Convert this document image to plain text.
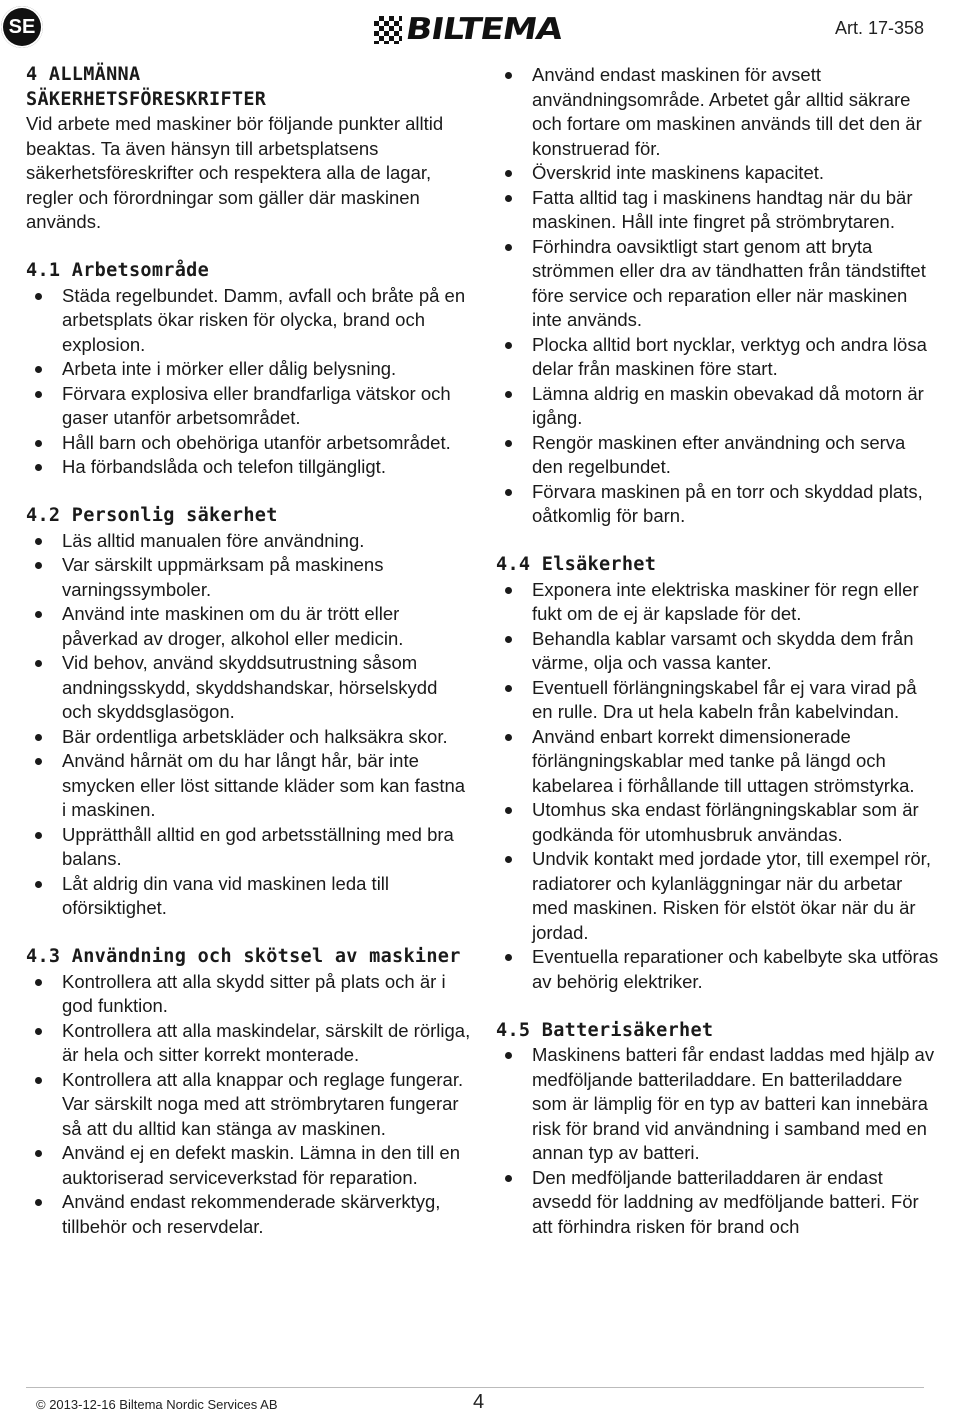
SE	BILTEMA	Art. 17-358

4 ALLMÄNNA

SÄKERHETSFÖRESKRIFTER

Vid arbete med maskiner bör följande punkter alltid beaktas. Ta även hänsyn till arbetsplatsens säkerhetsföreskrifter och respektera alla de lagar, regler och förordningar som gäller där maskinen används.

4.1 Arbetsområde

Städa regelbundet. Damm, avfall och bråte på en arbetsplats ökar risken för olycka, brand och explosion.
Arbeta inte i mörker eller dålig belysning.
Förvara explosiva eller brandfarliga vätskor och gaser utanför arbetsområdet.
Håll barn och obehöriga utanför arbetsområdet.
Ha förbandslåda och telefon tillgängligt.

4.2 Personlig säkerhet

Läs alltid manualen före användning.
Var särskilt uppmärksam på maskinens varningssymboler.
Använd inte maskinen om du är trött eller påverkad av droger, alkohol eller medicin.
Vid behov, använd skyddsutrustning såsom andningsskydd, skyddshandskar, hörselskydd och skyddsglasögon.
Bär ordentliga arbetskläder och halksäkra skor.
Använd hårnät om du har långt hår, bär inte smycken eller löst sittande kläder som kan fastna i maskinen.
Upprätthåll alltid en god arbetsställning med bra balans.
Låt aldrig din vana vid maskinen leda till oförsiktighet.

4.3 Användning och skötsel av maskiner

Kontrollera att alla skydd sitter på plats och är i god funktion.
Kontrollera att alla maskindelar, särskilt de rörliga, är hela och sitter korrekt monterade.
Kontrollera att alla knappar och reglage fungerar. Var särskilt noga med att strömbrytaren fungerar så att du alltid kan stänga av maskinen.
Använd ej en defekt maskin. Lämna in den till en auktoriserad serviceverkstad för reparation.
Använd endast rekommenderade skärverktyg, tillbehör och reservdelar.
Använd endast maskinen för avsett användningsområde. Arbetet går alltid säkrare och fortare om maskinen används till det den är konstruerad för.
Överskrid inte maskinens kapacitet.
Fatta alltid tag i maskinens handtag när du bär maskinen. Håll inte fingret på strömbrytaren.
Förhindra oavsiktligt start genom att bryta strömmen eller dra av tändhatten från tändstiftet före service och reparation eller när maskinen inte används.
Plocka alltid bort nycklar, verktyg och andra lösa delar från maskinen före start.
Lämna aldrig en maskin obevakad då motorn är igång.
Rengör maskinen efter användning och serva den regelbundet.
Förvara maskinen på en torr och skyddad plats, oåtkomlig för barn.

4.4 Elsäkerhet

Exponera inte elektriska maskiner för regn eller fukt om de ej är kapslade för det.
Behandla kablar varsamt och skydda dem från värme, olja och vassa kanter.
Eventuell förlängningskabel får ej vara virad på en rulle. Dra ut hela kabeln från kabelvindan.
Använd enbart korrekt dimensionerade förlängningskablar med tanke på längd och kabelarea i förhållande till uttagen strömstyrka.
Utomhus ska endast förlängningskablar som är godkända för utomhusbruk användas.
Undvik kontakt med jordade ytor, till exempel rör, radiatorer och kylanläggningar när du arbetar med maskinen. Risken för elstöt ökar när du är jordad.
Eventuella reparationer och kabelbyte ska utföras av behörig elektriker.

4.5 Batterisäkerhet

Maskinens batteri får endast laddas med hjälp av medföljande batteriladdare. En batteriladdare som är lämplig för en typ av batteri kan innebära risk för brand vid användning i samband med en annan typ av batteri.
Den medföljande batteriladdaren är endast avsedd för laddning av medföljande batteri. För att förhindra risken för brand och
© 2013-12-16 Biltema Nordic Services AB	4
